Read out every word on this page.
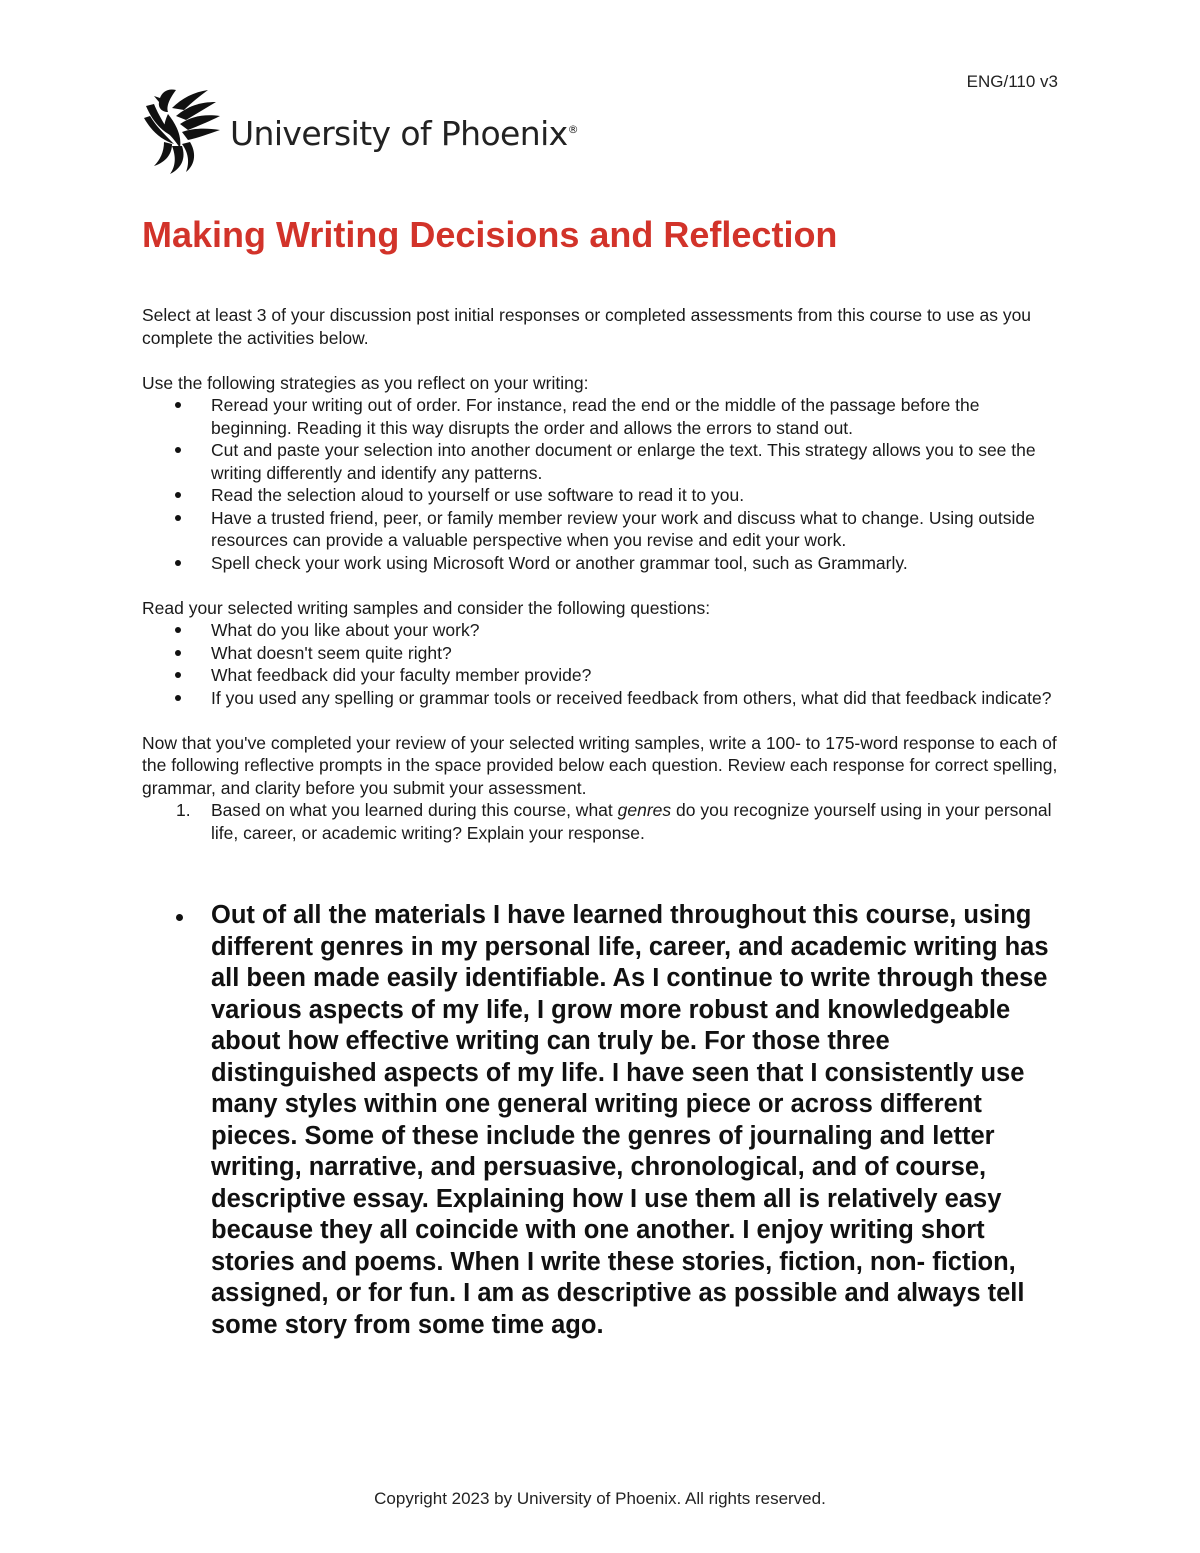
ENG/110 v3
University of Phoenix®
Making Writing Decisions and Reflection

Select at least 3 of your discussion post initial responses or completed assessments from this course to use as you complete the activities below.

Use the following strategies as you reflect on your writing:

Reread your writing out of order. For instance, read the end or the middle of the passage before the beginning. Reading it this way disrupts the order and allows the errors to stand out.
Cut and paste your selection into another document or enlarge the text. This strategy allows you to see the writing differently and identify any patterns.
Read the selection aloud to yourself or use software to read it to you.
Have a trusted friend, peer, or family member review your work and discuss what to change. Using outside resources can provide a valuable perspective when you revise and edit your work.
Spell check your work using Microsoft Word or another grammar tool, such as Grammarly.

Read your selected writing samples and consider the following questions:

What do you like about your work?
What doesn't seem quite right?
What feedback did your faculty member provide?
If you used any spelling or grammar tools or received feedback from others, what did that feedback indicate?

Now that you've completed your review of your selected writing samples, write a 100- to 175-word response to each of the following reflective prompts in the space provided below each question. Review each response for correct spelling, grammar, and clarity before you submit your assessment.

1. Based on what you learned during this course, what genres do you recognize yourself using in your personal life, career, or academic writing? Explain your response.

Out of all the materials I have learned throughout this course, using different genres in my personal life, career, and academic writing has all been made easily identifiable. As I continue to write through these various aspects of my life, I grow more robust and knowledgeable about how effective writing can truly be. For those three distinguished aspects of my life. I have seen that I consistently use many styles within one general writing piece or across different pieces. Some of these include the genres of journaling and letter writing, narrative, and persuasive, chronological, and of course, descriptive essay. Explaining how I use them all is relatively easy because they all coincide with one another. I enjoy writing short stories and poems. When I write these stories, fiction, non- fiction, assigned, or for fun. I am as descriptive as possible and always tell some story from some time ago.

Copyright 2023 by University of Phoenix. All rights reserved.
